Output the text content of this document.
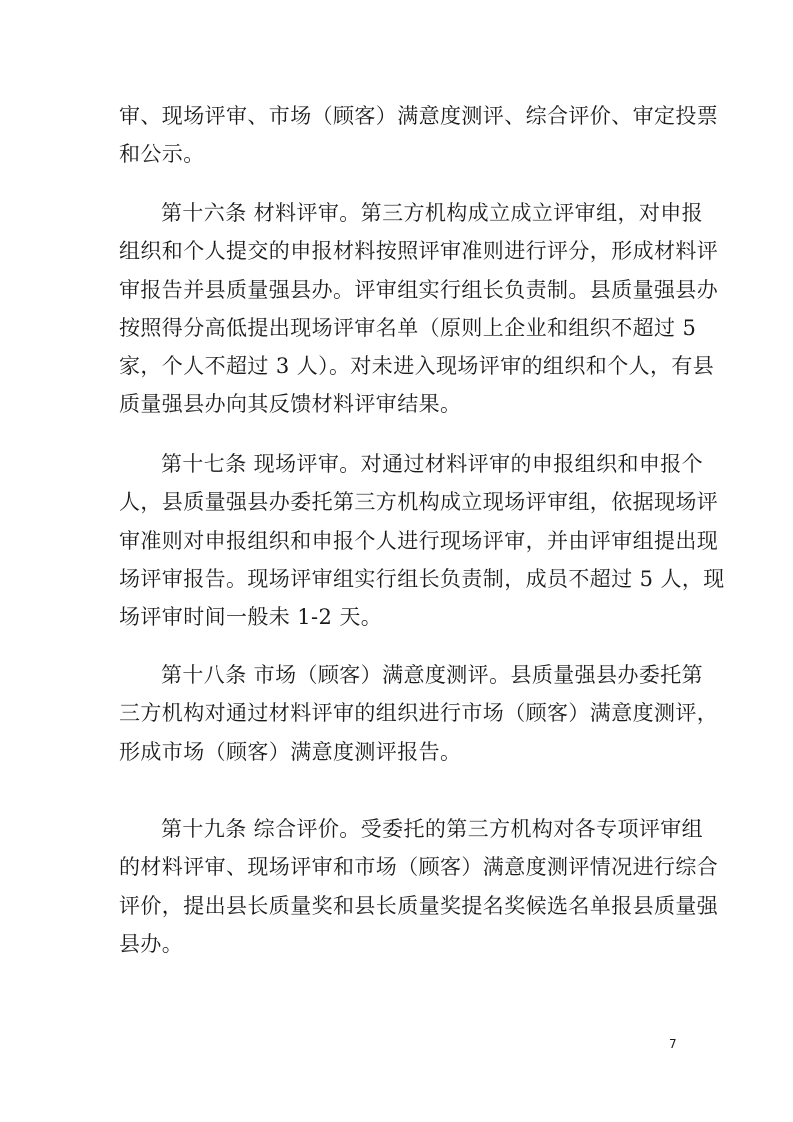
审、现场评审、市场（顾客）满意度测评、综合评价、审定投票
和公示。
第十六条 材料评审。第三方机构成立成立评审组，对申报
组织和个人提交的申报材料按照评审准则进行评分，形成材料评
审报告并县质量强县办。评审组实行组长负责制。县质量强县办
按照得分高低提出现场评审名单（原则上企业和组织不超过 5
家，个人不超过 3 人）。对未进入现场评审的组织和个人，有县
质量强县办向其反馈材料评审结果。
第十七条 现场评审。对通过材料评审的申报组织和申报个
人，县质量强县办委托第三方机构成立现场评审组，依据现场评
审准则对申报组织和申报个人进行现场评审，并由评审组提出现
场评审报告。现场评审组实行组长负责制，成员不超过 5 人，现
场评审时间一般未 1-2 天。
第十八条 市场（顾客）满意度测评。县质量强县办委托第
三方机构对通过材料评审的组织进行市场（顾客）满意度测评，
形成市场（顾客）满意度测评报告。
第十九条 综合评价。受委托的第三方机构对各专项评审组
的材料评审、现场评审和市场（顾客）满意度测评情况进行综合
评价，提出县长质量奖和县长质量奖提名奖候选名单报县质量强
县办。
7
